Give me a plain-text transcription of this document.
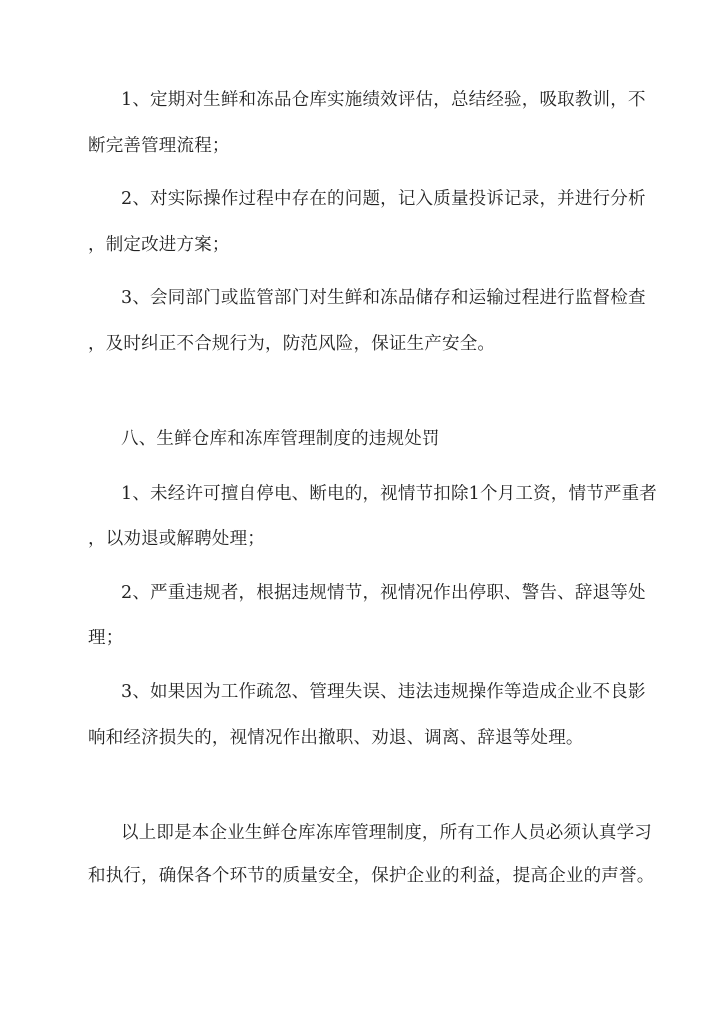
1、定期对生鲜和冻品仓库实施绩效评估，总结经验，吸取教训，不

断完善管理流程；

2、对实际操作过程中存在的问题，记入质量投诉记录，并进行分析

，制定改进方案；

3、会同部门或监管部门对生鲜和冻品储存和运输过程进行监督检查

，及时纠正不合规行为，防范风险，保证生产安全。

八、生鲜仓库和冻库管理制度的违规处罚

1、未经许可擅自停电、断电的，视情节扣除1个月工资，情节严重者

，以劝退或解聘处理；

2、严重违规者，根据违规情节，视情况作出停职、警告、辞退等处

理；

3、如果因为工作疏忽、管理失误、违法违规操作等造成企业不良影

响和经济损失的，视情况作出撤职、劝退、调离、辞退等处理。

以上即是本企业生鲜仓库冻库管理制度，所有工作人员必须认真学习

和执行，确保各个环节的质量安全，保护企业的利益，提高企业的声誉。
